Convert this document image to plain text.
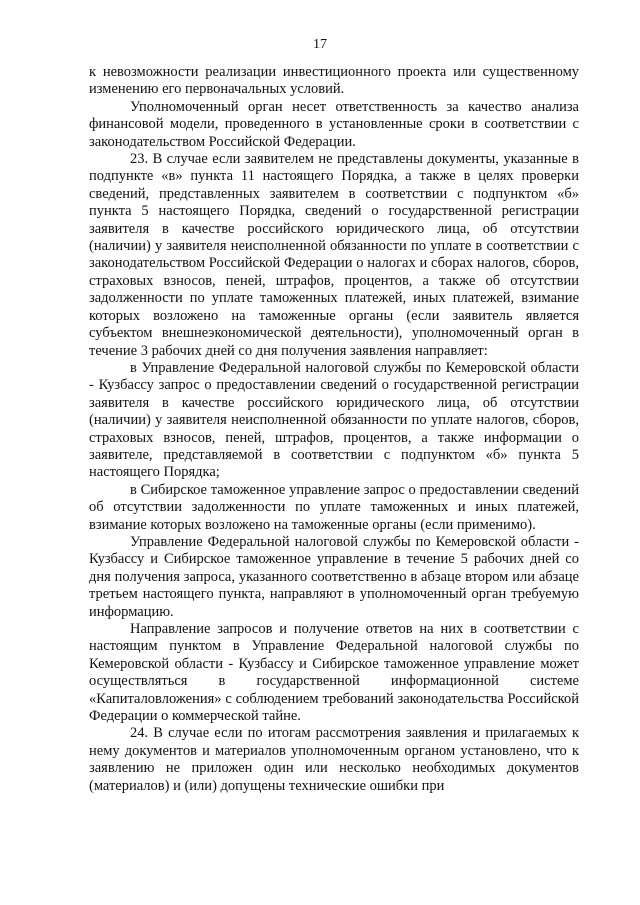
17

к невозможности реализации инвестиционного проекта или существенному изменению его первоначальных условий.

Уполномоченный орган несет ответственность за качество анализа финансовой модели, проведенного в установленные сроки в соответствии с законодательством Российской Федерации.

23. В случае если заявителем не представлены документы, указанные в подпункте «в» пункта 11 настоящего Порядка, а также в целях проверки сведений, представленных заявителем в соответствии с подпунктом «б» пункта 5 настоящего Порядка, сведений о государственной регистрации заявителя в качестве российского юридического лица, об отсутствии (наличии) у заявителя неисполненной обязанности по уплате в соответствии с законодательством Российской Федерации о налогах и сборах налогов, сборов, страховых взносов, пеней, штрафов, процентов, а также об отсутствии задолженности по уплате таможенных платежей, иных платежей, взимание которых возложено на таможенные органы (если заявитель является субъектом внешнеэкономической деятельности), уполномоченный орган в течение 3 рабочих дней со дня получения заявления направляет:

в Управление Федеральной налоговой службы по Кемеровской области - Кузбассу запрос о предоставлении сведений о государственной регистрации заявителя в качестве российского юридического лица, об отсутствии (наличии) у заявителя неисполненной обязанности по уплате налогов, сборов, страховых взносов, пеней, штрафов, процентов, а также информации о заявителе, представляемой в соответствии с подпунктом «б» пункта 5 настоящего Порядка;

в Сибирское таможенное управление запрос о предоставлении сведений об отсутствии задолженности по уплате таможенных и иных платежей, взимание которых возложено на таможенные органы (если применимо).

Управление Федеральной налоговой службы по Кемеровской области - Кузбассу и Сибирское таможенное управление в течение 5 рабочих дней со дня получения запроса, указанного соответственно в абзаце втором или абзаце третьем настоящего пункта, направляют в уполномоченный орган требуемую информацию.

Направление запросов и получение ответов на них в соответствии с настоящим пунктом в Управление Федеральной налоговой службы по Кемеровской области - Кузбассу и Сибирское таможенное управление может осуществляться в государственной информационной системе «Капиталовложения» с соблюдением требований законодательства Российской Федерации о коммерческой тайне.

24. В случае если по итогам рассмотрения заявления и прилагаемых к нему документов и материалов уполномоченным органом установлено, что к заявлению не приложен один или несколько необходимых документов (материалов) и (или) допущены технические ошибки при
